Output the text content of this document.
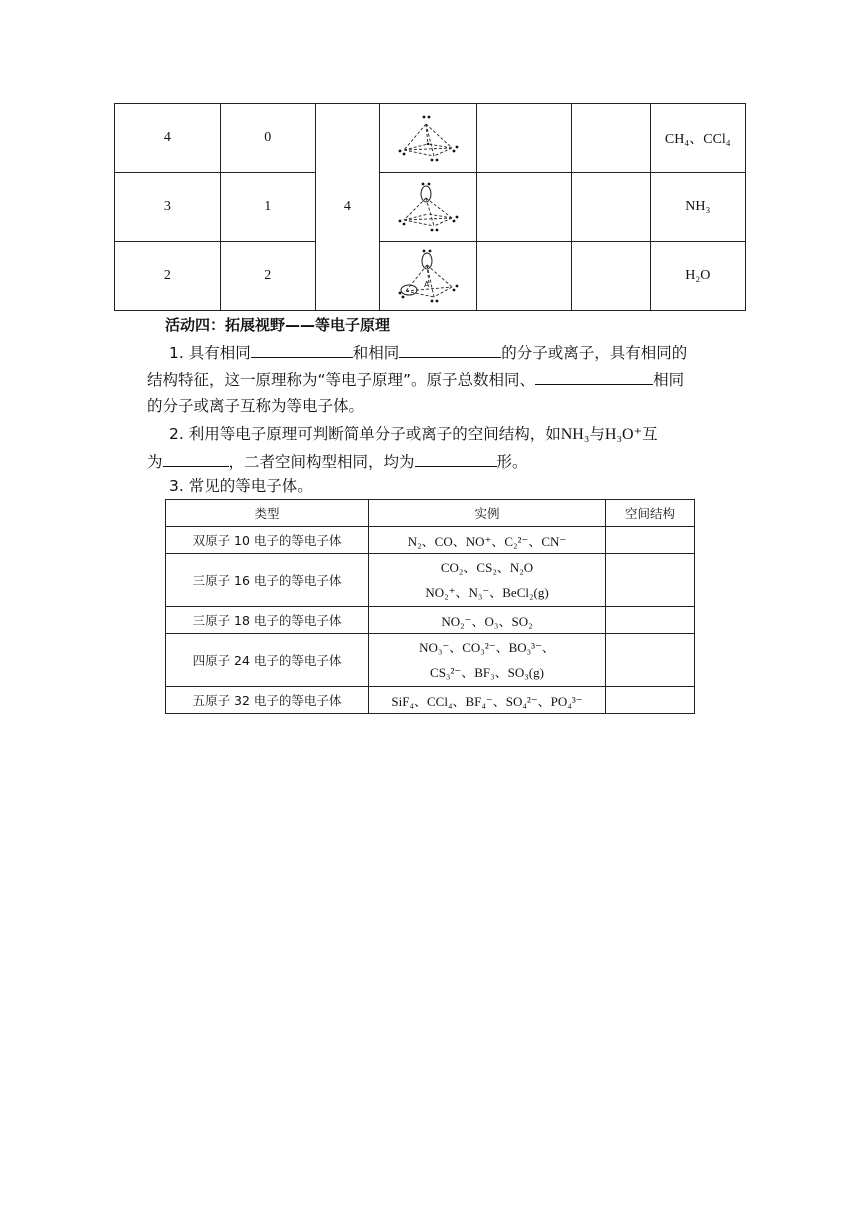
4	0	4				CH₄、CCl₄
3	1					NH₃
2	2		A			H₂O
活动四：拓展视野——等电子原理
1. 具有相同	和相同	的分子或离子，具有相同的
结构特征，这一原理称为“等电子原理”。原子总数相同、	相同
的分子或离子互称为等电子体。
2. 利用等电子原理可判断简单分子或离子的空间结构，如NH₃与H₃O⁺互
为	，二者空间构型相同，均为	形。
3. 常见的等电子体。
类型	实例	空间结构
双原子 10 电子的等电子体	N₂、CO、NO⁺、C₂²⁻、CN⁻	
三原子 16 电子的等电子体	CO₂、CS₂、N₂O
NO₂⁺、N₃⁻、BeCl₂(g)	

三原子 18 电子的等电子体	NO₂⁻、O₃、SO₂	
四原子 24 电子的等电子体	NO₃⁻、CO₃²⁻、BO₃³⁻、
CS₃²⁻、BF₃、SO₃(g)	

五原子 32 电子的等电子体	SiF₄、CCl₄、BF₄⁻、SO₄²⁻、PO₄³⁻	
